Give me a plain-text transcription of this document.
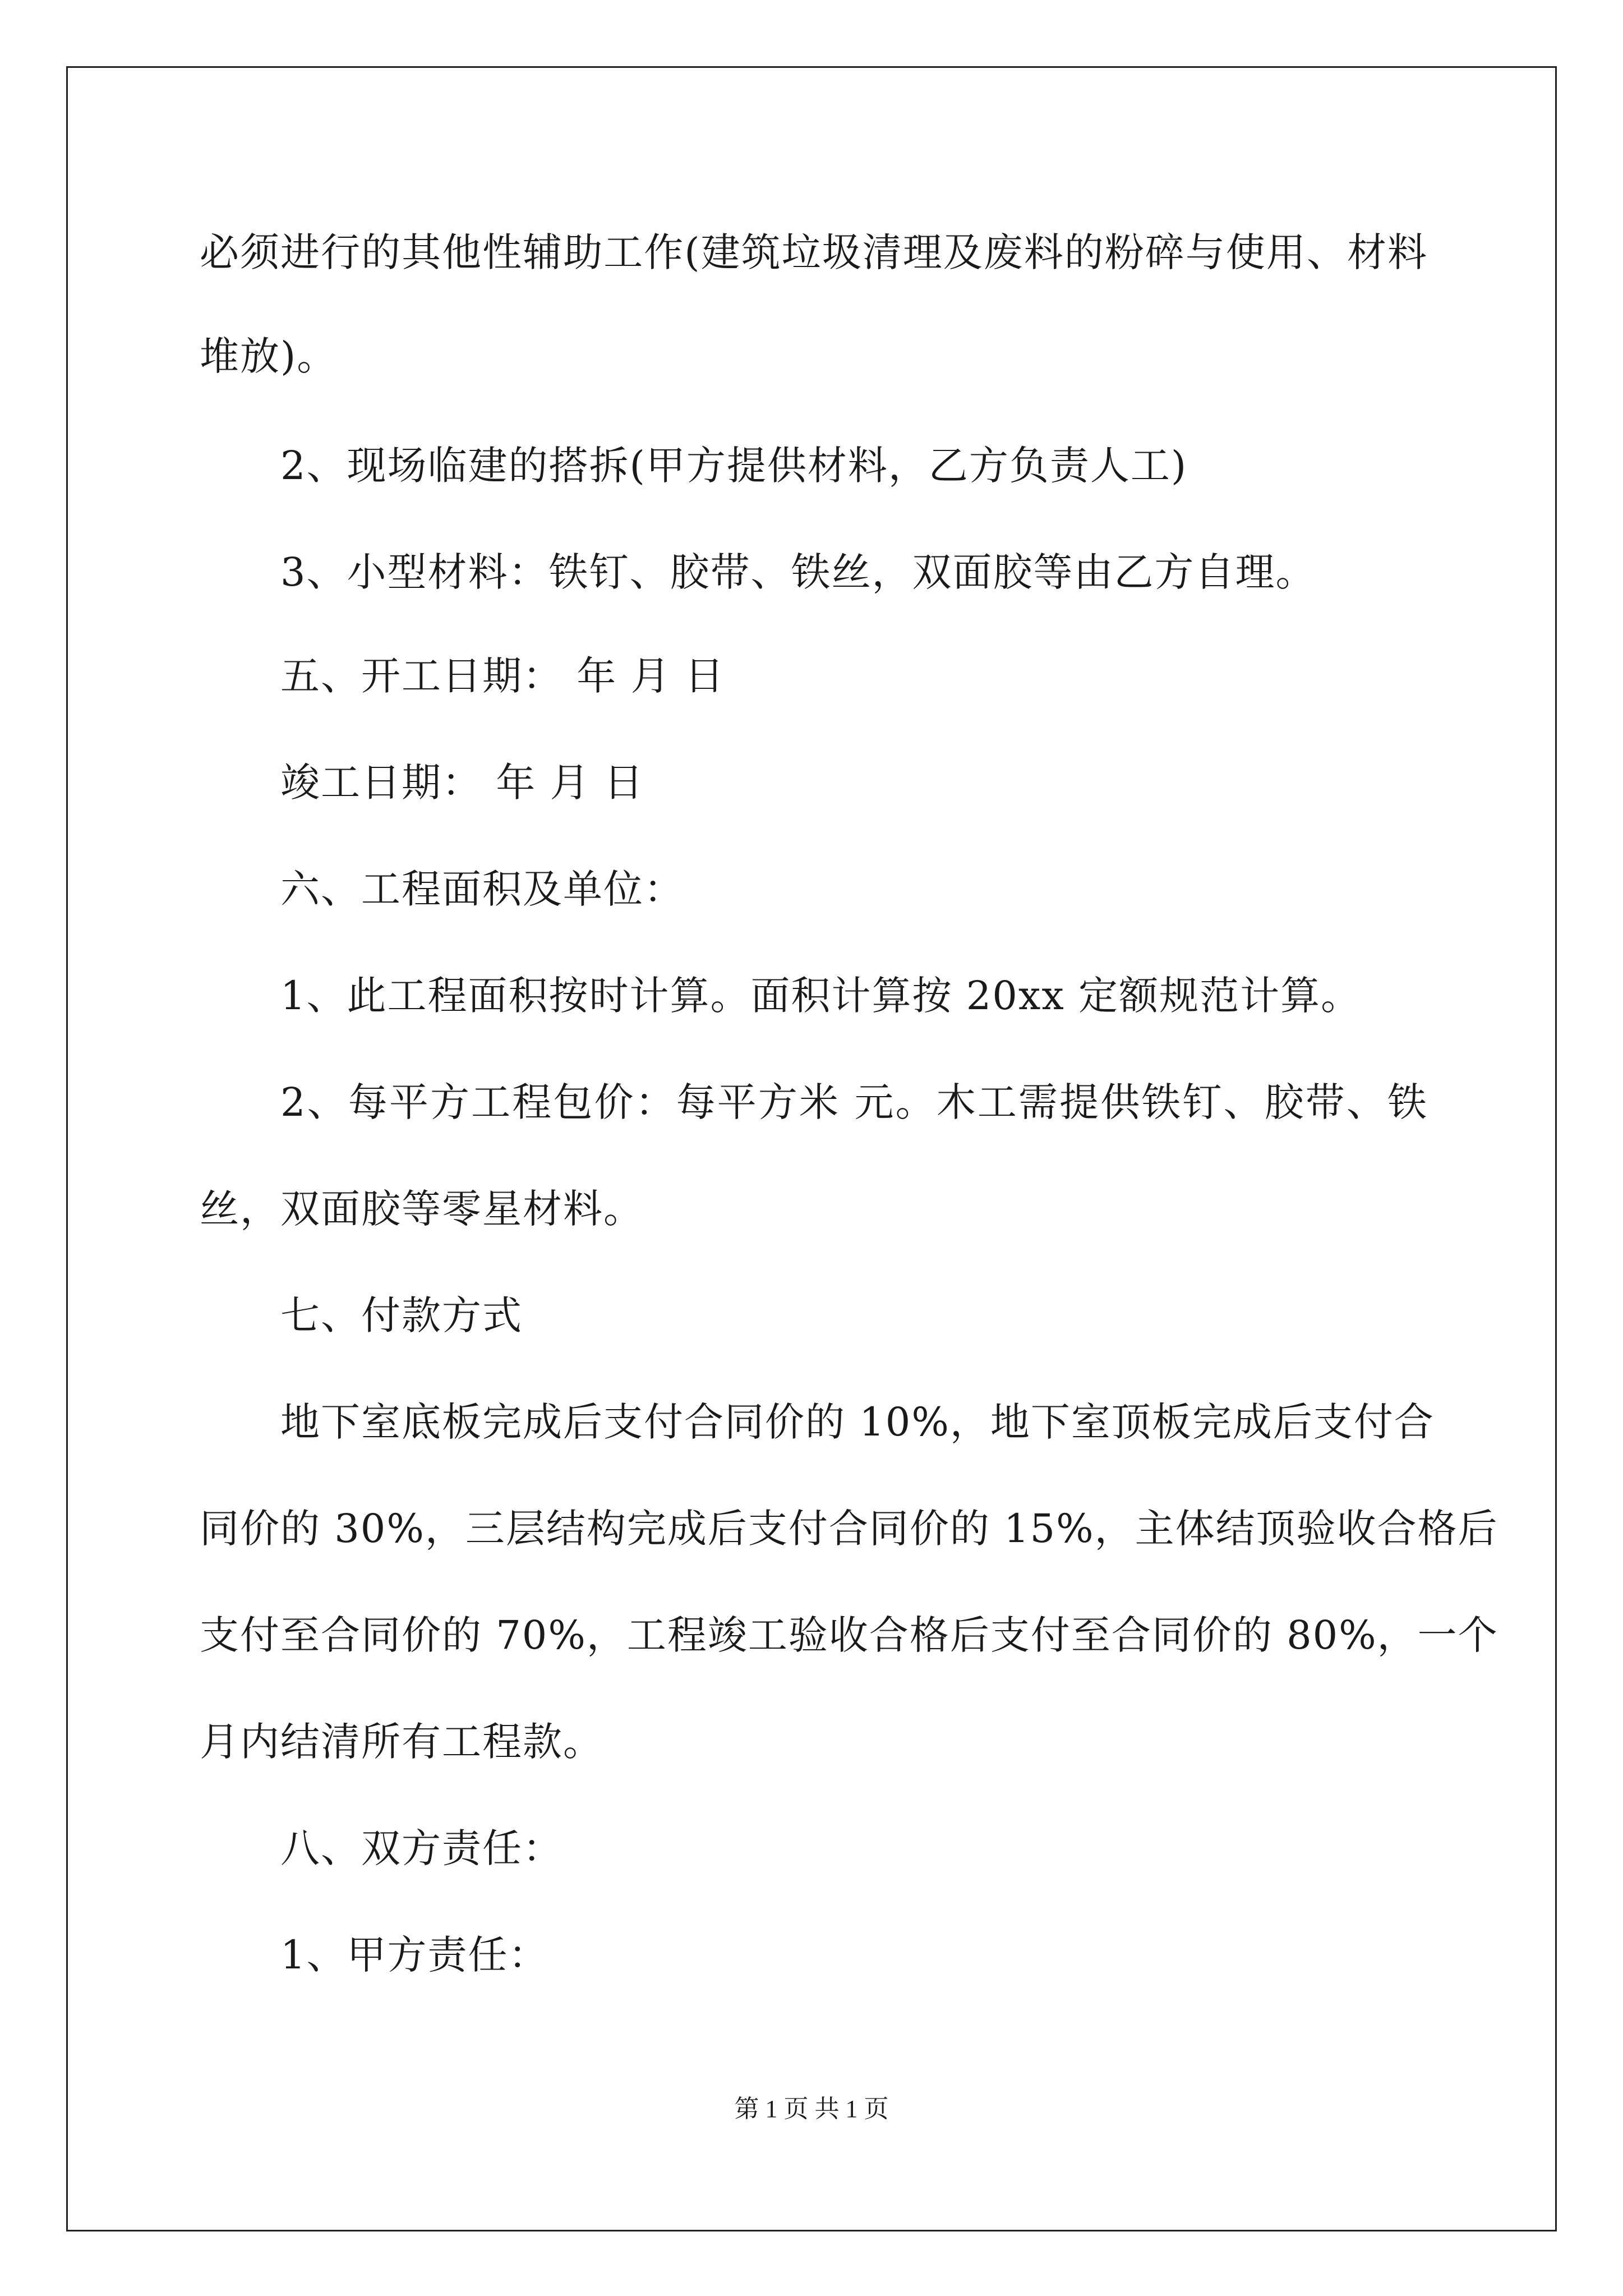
必须进行的其他性辅助工作(建筑垃圾清理及废料的粉碎与使用、材料
堆放)。
2、现场临建的搭拆(甲方提供材料，乙方负责人工)
3、小型材料：铁钉、胶带、铁丝，双面胶等由乙方自理。
五、开工日期： 年 月 日
竣工日期： 年 月 日
六、工程面积及单位：
1、此工程面积按时计算。面积计算按 20xx 定额规范计算。
2、每平方工程包价：每平方米 元。木工需提供铁钉、胶带、铁
丝，双面胶等零星材料。
七、付款方式
地下室底板完成后支付合同价的 10%，地下室顶板完成后支付合
同价的 30%，三层结构完成后支付合同价的 15%，主体结顶验收合格后
支付至合同价的 70%，工程竣工验收合格后支付至合同价的 80%，一个
月内结清所有工程款。
八、双方责任：
1、甲方责任：
第 1 页 共 1 页
